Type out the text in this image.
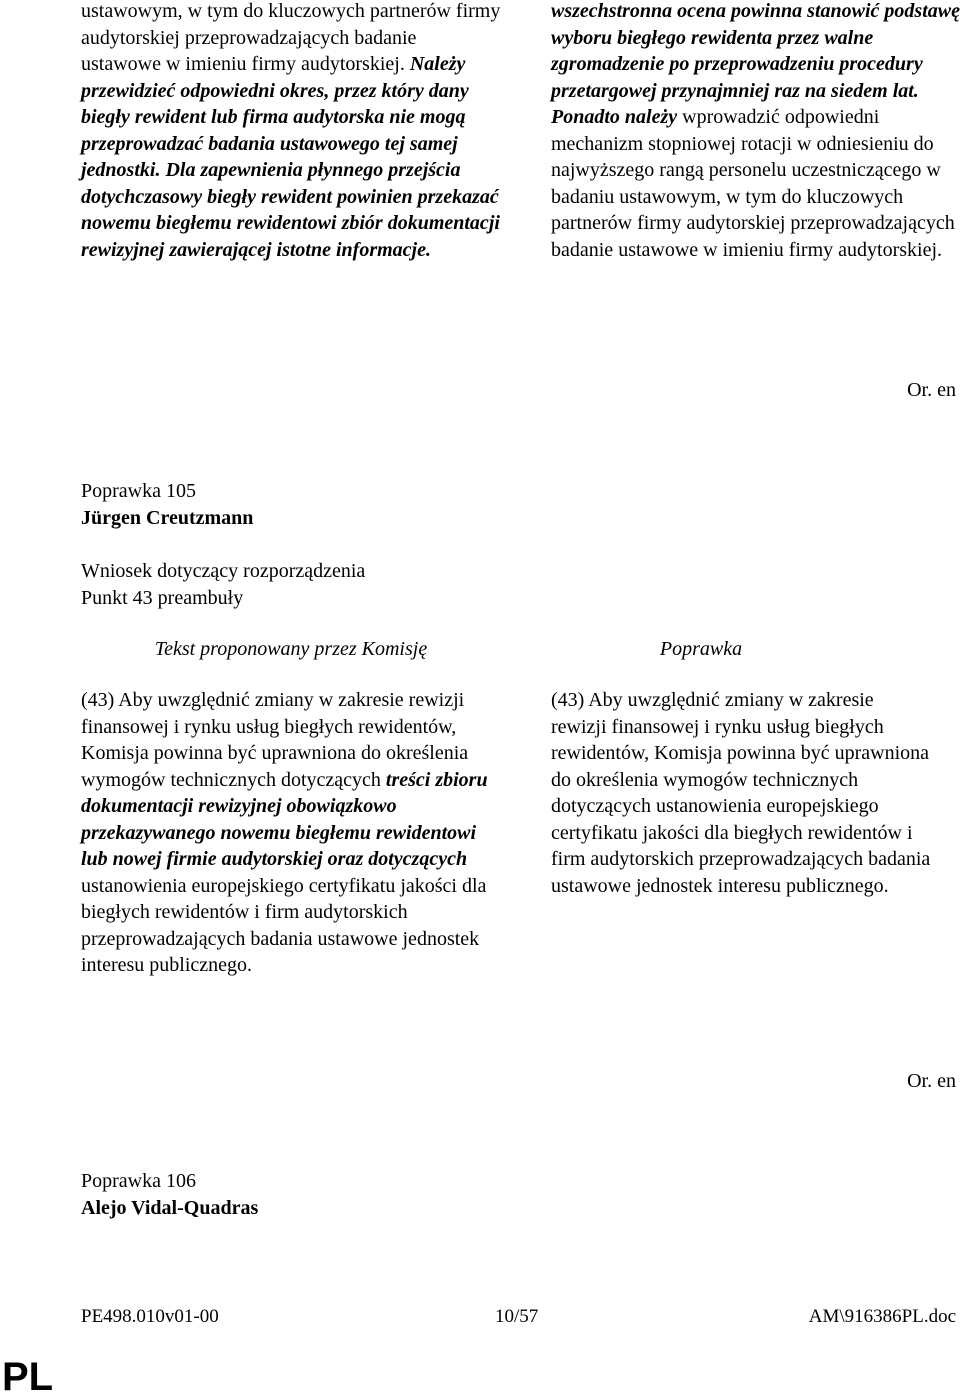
ustawowym, w tym do kluczowych partnerów firmy audytorskiej przeprowadzających badanie ustawowe w imieniu firmy audytorskiej. Należy przewidzieć odpowiedni okres, przez który dany biegły rewident lub firma audytorska nie mogą przeprowadzać badania ustawowego tej samej jednostki. Dla zapewnienia płynnego przejścia dotychczasowy biegły rewident powinien przekazać nowemu biegłemu rewidentowi zbiór dokumentacji rewizyjnej zawierającej istotne informacje.
wszechstronna ocena powinna stanowić podstawę wyboru biegłego rewidenta przez walne zgromadzenie po przeprowadzeniu procedury przetargowej przynajmniej raz na siedem lat. Ponadto należy wprowadzić odpowiedni mechanizm stopniowej rotacji w odniesieniu do najwyższego rangą personelu uczestniczącego w badaniu ustawowym, w tym do kluczowych partnerów firmy audytorskiej przeprowadzających badanie ustawowe w imieniu firmy audytorskiej.
Or. en

Poprawka 105

Jürgen Creutzmann

Wniosek dotyczący rozporządzenia

Punkt 43 preambuły

Tekst proponowany przez Komisję	Poprawka
(43) Aby uwzględnić zmiany w zakresie rewizji finansowej i rynku usług biegłych rewidentów, Komisja powinna być uprawniona do określenia wymogów technicznych dotyczących treści zbioru dokumentacji rewizyjnej obowiązkowo przekazywanego nowemu biegłemu rewidentowi lub nowej firmie audytorskiej oraz dotyczących ustanowienia europejskiego certyfikatu jakości dla biegłych rewidentów i firm audytorskich przeprowadzających badania ustawowe jednostek interesu publicznego.
(43) Aby uwzględnić zmiany w zakresie rewizji finansowej i rynku usług biegłych rewidentów, Komisja powinna być uprawniona do określenia wymogów technicznych dotyczących ustanowienia europejskiego certyfikatu jakości dla biegłych rewidentów i firm audytorskich przeprowadzających badania ustawowe jednostek interesu publicznego.
Or. en

Poprawka 106

Alejo Vidal-Quadras

PE498.010v01-00	10/57	AM\916386PL.doc
PL
